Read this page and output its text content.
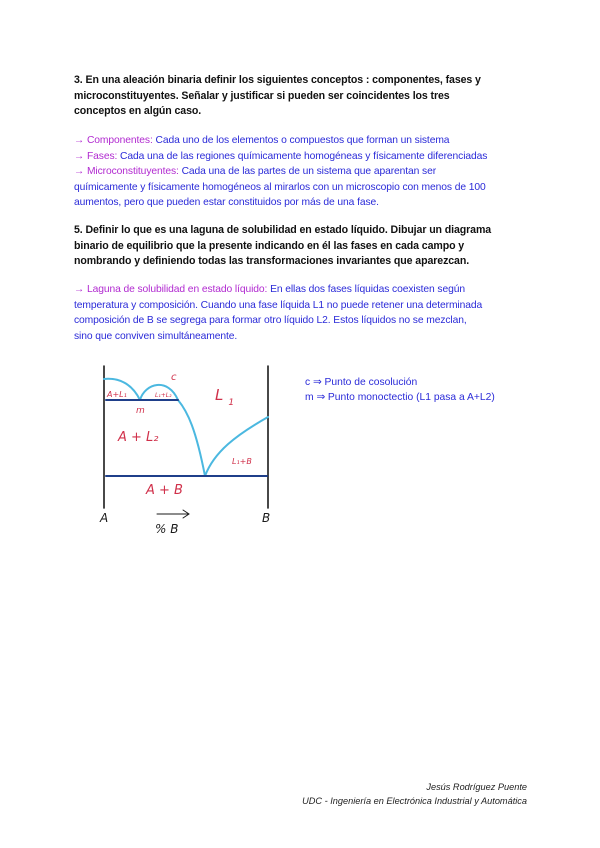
3. En una aleación binaria definir los siguientes conceptos : componentes, fases y
microconstituyentes. Señalar y justificar si pueden ser coincidentes los tres
conceptos en algún caso.
→ Componentes: Cada uno de los elementos o compuestos que forman un sistema
→ Fases: Cada una de las regiones químicamente homogéneas y físicamente diferenciadas
→ Microconstituyentes: Cada una de las partes de un sistema que aparentan ser
químicamente y físicamente homogéneos al mirarlos con un microscopio con menos de 100
aumentos, pero que pueden estar constituidos por más de una fase.
5. Definir lo que es una laguna de solubilidad en estado líquido. Dibujar un diagrama
binario de equilibrio que la presente indicando en él las fases en cada campo y
nombrando y definiendo todas las transformaciones invariantes que aparezcan.
→ Laguna de solubilidad en estado líquido: En ellas dos fases líquidas coexisten según
temperatura y composición. Cuando una fase líquida L1 no puede retener una determinada
composición de B se segrega para formar otro líquido L2. Estos líquidos no se mezclan,
sino que conviven simultáneamente.
c
m
A+L₁	L₁+L₂	L $_1$
A + L₂
L₁+B
A + B
A	B
% B
c ⇒ Punto de cosolución
m ⇒ Punto monoctectio (L1 pasa a A+L2)
Jesús Rodríguez Puente
UDC - Ingeniería en Electrónica Industrial y Automática
